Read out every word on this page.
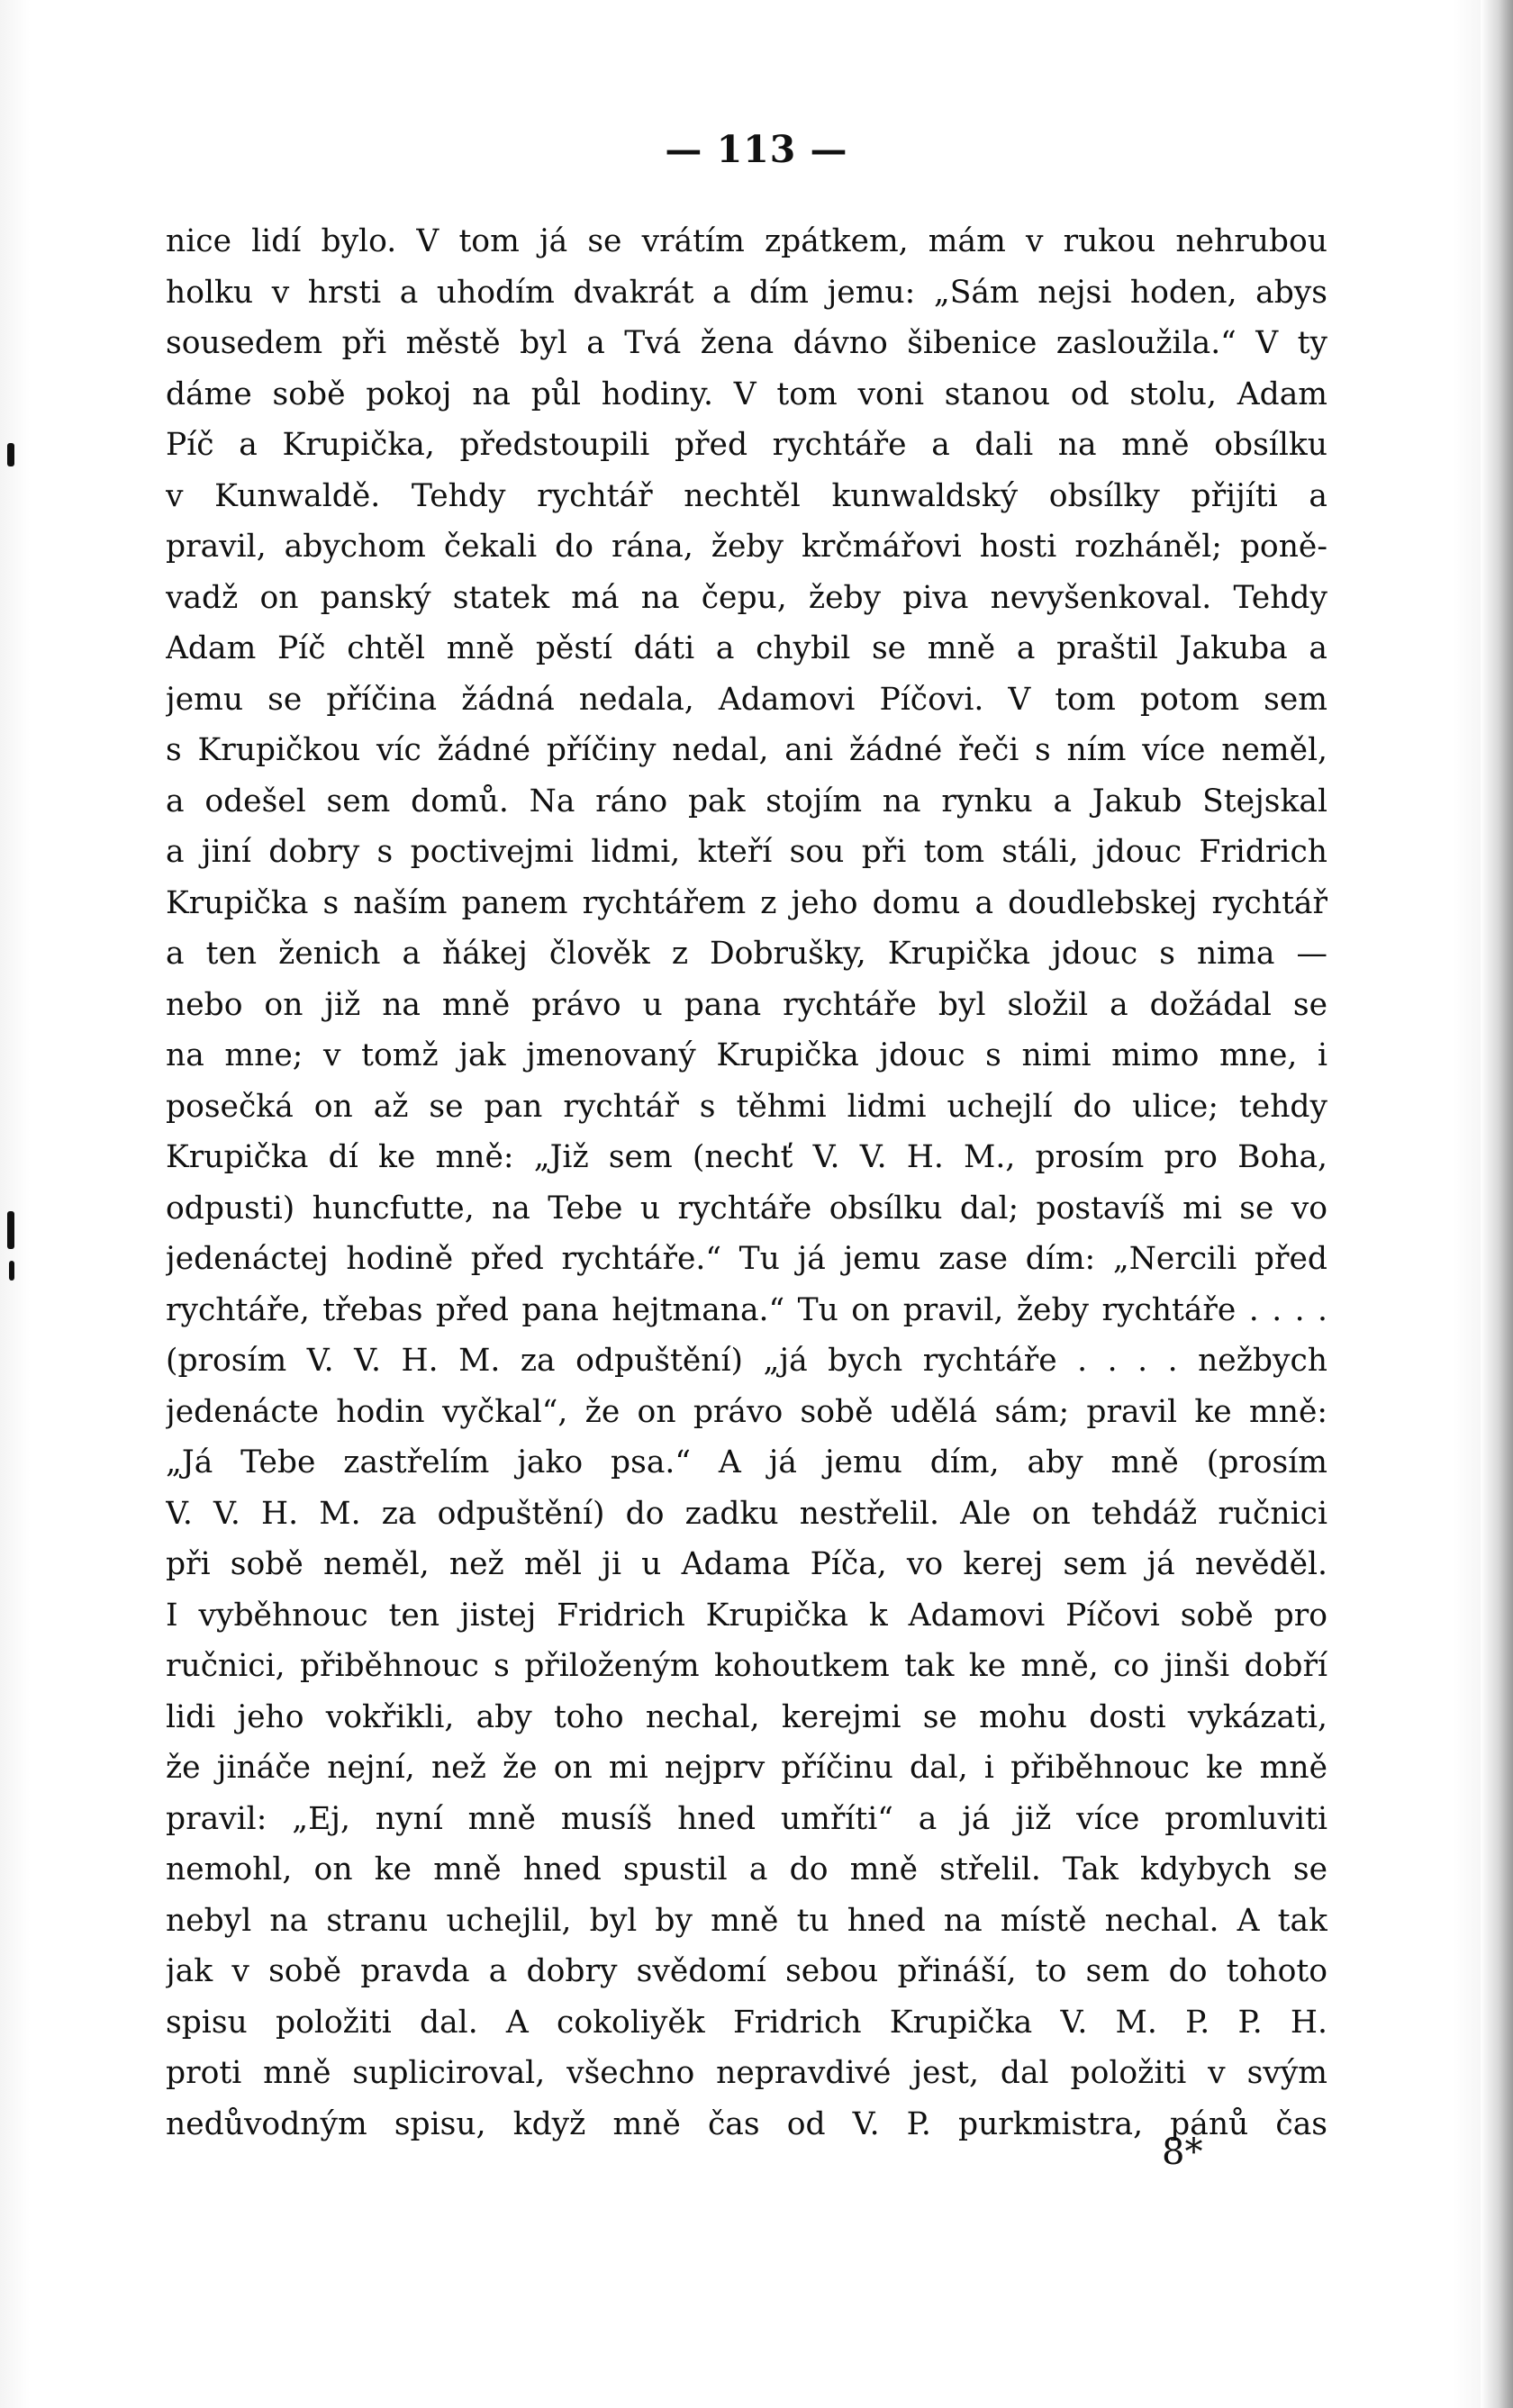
— 113 —
nice lidí bylo. V tom já se vrátím zpátkem, mám v rukou nehrubou
holku v hrsti a uhodím dvakrát a dím jemu: „Sám nejsi hoden, abys
sousedem při městě byl a Tvá žena dávno šibenice zasloužila.“ V ty
dáme sobě pokoj na půl hodiny. V tom voni stanou od stolu, Adam
Píč a Krupička, předstoupili před rychtáře a dali na mně obsílku
v Kunwaldě. Tehdy rychtář nechtěl kunwaldský obsílky přijíti a
pravil, abychom čekali do rána, žeby krčmářovi hosti rozháněl; poně-
vadž on panský statek má na čepu, žeby piva nevyšenkoval. Tehdy
Adam Píč chtěl mně pěstí dáti a chybil se mně a praštil Jakuba a
jemu se příčina žádná nedala, Adamovi Píčovi. V tom potom sem
s Krupičkou víc žádné příčiny nedal, ani žádné řeči s ním více neměl,
a odešel sem domů. Na ráno pak stojím na rynku a Jakub Stejskal
a jiní dobry s poctivejmi lidmi, kteří sou při tom stáli, jdouc Fridrich
Krupička s naším panem rychtářem z jeho domu a doudlebskej rychtář
a ten ženich a ňákej člověk z Dobrušky, Krupička jdouc s nima —
nebo on již na mně právo u pana rychtáře byl složil a dožádal se
na mne; v tomž jak jmenovaný Krupička jdouc s nimi mimo mne, i
posečká on až se pan rychtář s těhmi lidmi uchejlí do ulice; tehdy
Krupička dí ke mně: „Již sem (nechť V. V. H. M., prosím pro Boha,
odpusti) huncfutte, na Tebe u rychtáře obsílku dal; postavíš mi se vo
jedenáctej hodině před rychtáře.“ Tu já jemu zase dím: „Nercili před
rychtáře, třebas před pana hejtmana.“ Tu on pravil, žeby rychtáře . . . .
(prosím V. V. H. M. za odpuštění) „já bych rychtáře . . . . nežbych
jedenácte hodin vyčkal“, že on právo sobě udělá sám; pravil ke mně:
„Já Tebe zastřelím jako psa.“ A já jemu dím, aby mně (prosím
V. V. H. M. za odpuštění) do zadku nestřelil. Ale on tehdáž ručnici
při sobě neměl, než měl ji u Adama Píča, vo kerej sem já nevěděl.
I vyběhnouc ten jistej Fridrich Krupička k Adamovi Píčovi sobě pro
ručnici, přiběhnouc s přiloženým kohoutkem tak ke mně, co jinši dobří
lidi jeho vokřikli, aby toho nechal, kerejmi se mohu dosti vykázati,
že jináče nejní, než že on mi nejprv příčinu dal, i přiběhnouc ke mně
pravil: „Ej, nyní mně musíš hned umříti“ a já již více promluviti
nemohl, on ke mně hned spustil a do mně střelil. Tak kdybych se
nebyl na stranu uchejlil, byl by mně tu hned na místě nechal. A tak
jak v sobě pravda a dobry svědomí sebou přináší, to sem do tohoto
spisu položiti dal. A cokoliyěk Fridrich Krupička V. M. P. P. H.
proti mně supliciroval, všechno nepravdivé jest, dal položiti v svým
nedůvodným spisu, když mně čas od V. P. purkmistra, pánů čas
8*
